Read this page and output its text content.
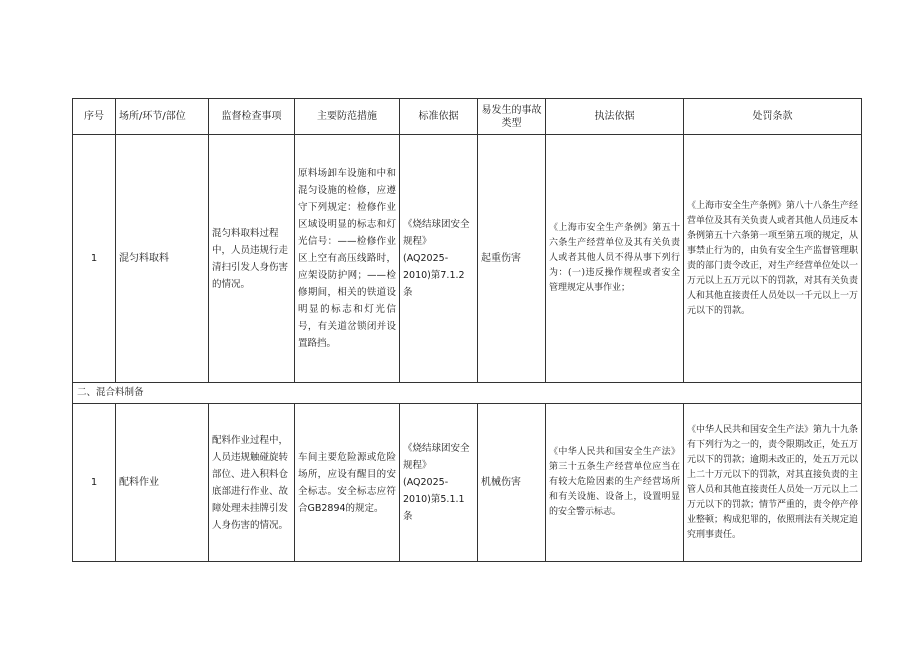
序号	场所/环节/部位	监督检查事项	主要防范措施	标准依据	易发生的事故类型	执法依据	处罚条款
1	混匀料取料	混匀料取料过程中，人员违规行走清扫引发人身伤害的情况。	原料场卸车设施和中和混匀设施的检修，应遵守下列规定：检修作业区域设明显的标志和灯光信号：——检修作业区上空有高压线路时，应架设防护网；——检修期间，相关的铁道设明显的标志和灯光信号，有关道岔锁闭并设置路挡。	《烧结球团安全规程》(AQ2025-2010)第7.1.2条	起重伤害	《上海市安全生产条例》第五十六条生产经营单位及其有关负责人或者其他人员不得从事下列行为：(一)违反操作规程或者安全管理规定从事作业；	《上海市安全生产条例》第八十八条生产经营单位及其有关负责人或者其他人员违反本条例第五十六条第一项至第五项的规定，从事禁止行为的，由负有安全生产监督管理职责的部门责令改正，对生产经营单位处以一万元以上五万元以下的罚款，对其有关负责人和其他直接责任人员处以一千元以上一万元以下的罚款。
二、混合料制备							
1	配料作业	配料作业过程中，人员违规触碰旋转部位、进入积料仓底部进行作业、故障处理未挂牌引发人身伤害的情况。	车间主要危险源或危险场所，应设有醒目的安全标志。安全标志应符合GB2894的规定。	《烧结球团安全规程》(AQ2025-2010)第5.1.1条	机械伤害	《中华人民共和国安全生产法》第三十五条生产经营单位应当在有较大危险因素的生产经营场所和有关设施、设备上，设置明显的安全警示标志。	《中华人民共和国安全生产法》第九十九条有下列行为之一的，责令限期改正，处五万元以下的罚款；逾期未改正的，处五万元以上二十万元以下的罚款，对其直接负责的主管人员和其他直接责任人员处一万元以上二万元以下的罚款；情节严重的，责令停产停业整顿；构成犯罪的，依照刑法有关规定追究刑事责任。
